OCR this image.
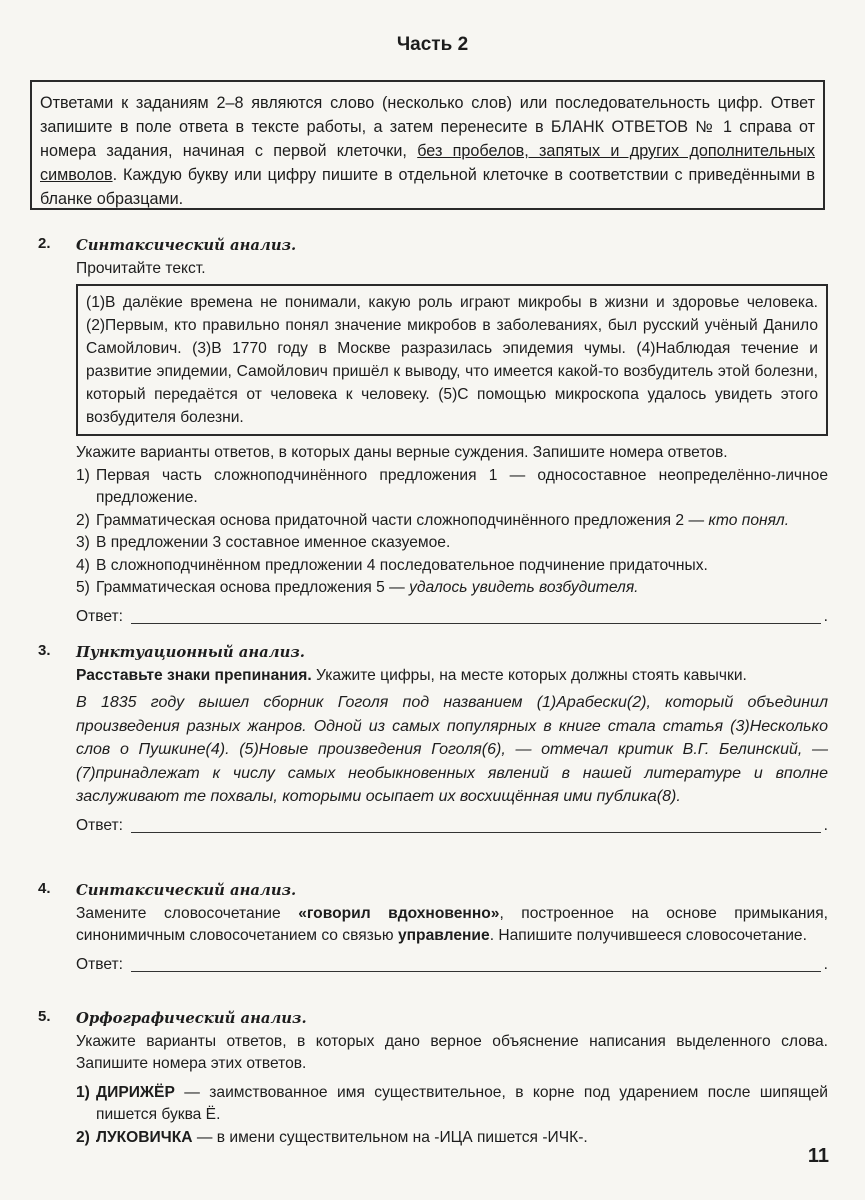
Часть 2
Ответами к заданиям 2–8 являются слово (несколько слов) или последовательность цифр. Ответ запишите в поле ответа в тексте работы, а затем перенесите в БЛАНК ОТВЕТОВ № 1 справа от номера задания, начиная с первой клеточки, без пробелов, запятых и других дополнительных символов. Каждую букву или цифру пишите в отдельной клеточке в соответствии с приведёнными в бланке образцами.
2. Синтаксический анализ.
Прочитайте текст.
(1)В далёкие времена не понимали, какую роль играют микробы в жизни и здоровье человека. (2)Первым, кто правильно понял значение микробов в заболеваниях, был русский учёный Данило Самойлович. (3)В 1770 году в Москве разразилась эпидемия чумы. (4)Наблюдая течение и развитие эпидемии, Самойлович пришёл к выводу, что имеется какой-то возбудитель этой болезни, который передаётся от человека к человеку. (5)С помощью микроскопа удалось увидеть этого возбудителя болезни.
Укажите варианты ответов, в которых даны верные суждения. Запишите номера ответов.
1) Первая часть сложноподчинённого предложения 1 — односоставное неопределённо-личное предложение.
2) Грамматическая основа придаточной части сложноподчинённого предложения 2 — кто понял.
3) В предложении 3 составное именное сказуемое.
4) В сложноподчинённом предложении 4 последовательное подчинение придаточных.
5) Грамматическая основа предложения 5 — удалось увидеть возбудителя.
Ответ:	.
3. Пунктуационный анализ.
Расставьте знаки препинания. Укажите цифры, на месте которых должны стоять кавычки.
В 1835 году вышел сборник Гоголя под названием (1)Арабески(2), который объединил произведения разных жанров. Одной из самых популярных в книге стала статья (3)Несколько слов о Пушкине(4). (5)Новые произведения Гоголя(6), — отмечал критик В.Г. Белинский, — (7)принадлежат к числу самых необыкновенных явлений в нашей литературе и вполне заслуживают те похвалы, которыми осыпает их восхищённая ими публика(8).
Ответ:	.
4. Синтаксический анализ.
Замените словосочетание «говорил вдохновенно», построенное на основе примыкания, синонимичным словосочетанием со связью управление. Напишите получившееся словосочетание.
Ответ:	.
5. Орфографический анализ.
Укажите варианты ответов, в которых дано верное объяснение написания выделенного слова. Запишите номера этих ответов.
1) ДИРИЖЁР — заимствованное имя существительное, в корне под ударением после шипящей пишется буква Ё.
2) ЛУКОВИЧКА — в имени существительном на -ИЦА пишется -ИЧК-.
11
